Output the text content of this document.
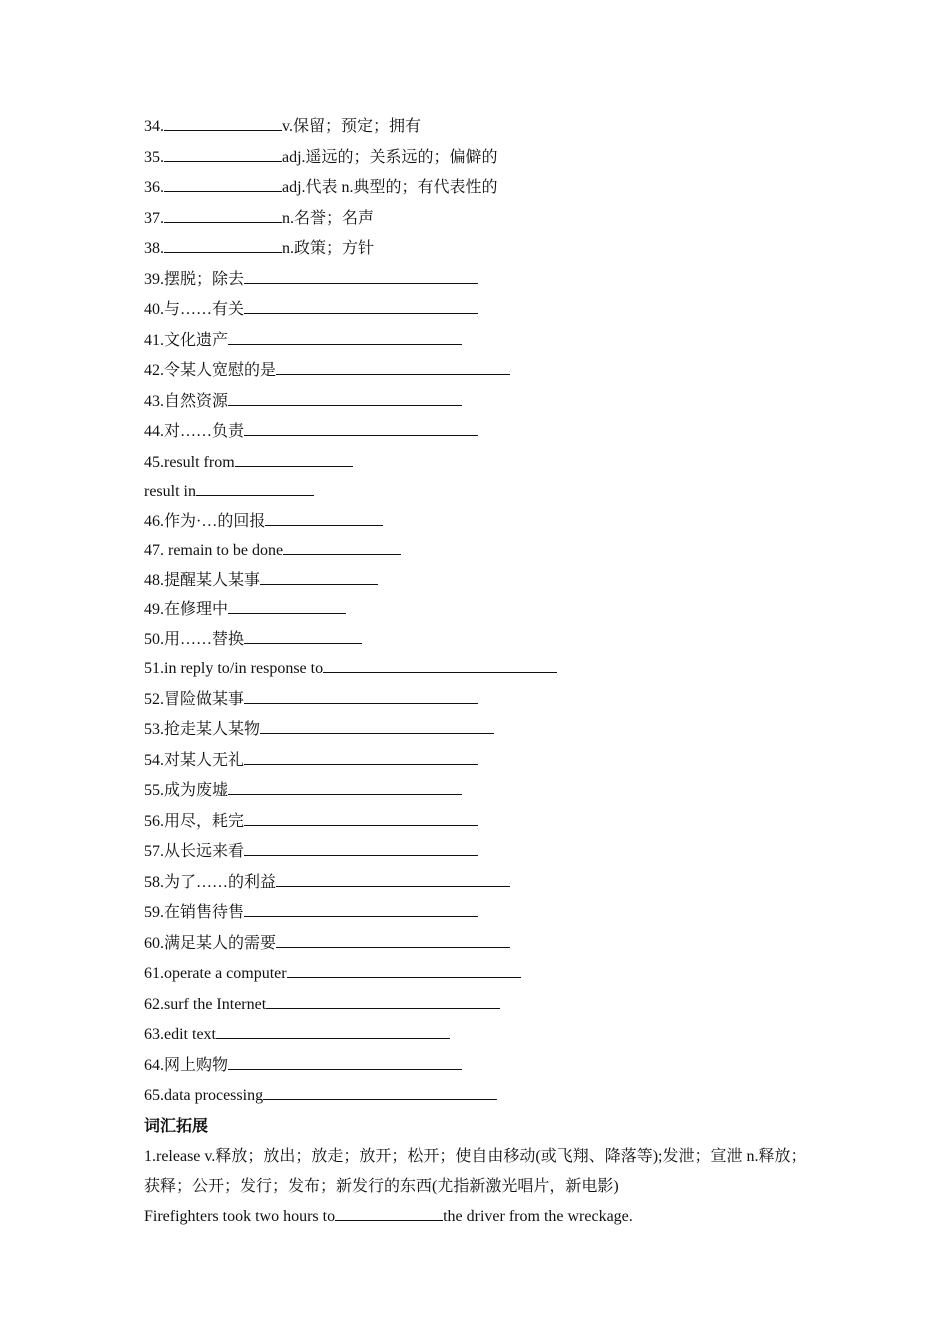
34.	v.保留；预定；拥有
35.	adj.遥远的；关系远的；偏僻的
36.	adj.代表 n.典型的；有代表性的
37.	n.名誉；名声
38.	n.政策；方针
39.摆脱；除去
40.与……有关
41.文化遗产
42.令某人宽慰的是
43.自然资源
44.对……负责
45.result from
result in
46.作为·…的回报
47. remain to be done
48.提醒某人某事
49.在修理中
50.用……替换
51.in reply to/in response to
52.冒险做某事
53.抢走某人某物
54.对某人无礼
55.成为废墟
56.用尽，耗完
57.从长远来看
58.为了……的利益
59.在销售待售
60.满足某人的需要
61.operate a computer
62.surf the Internet
63.edit text
64.网上购物
65.data processing
词汇拓展
1.release v.释放；放出；放走；放开；松开；使自由移动(或飞翔、降落等);发泄；宣泄 n.释放；获释；公开；发行；发布；新发行的东西(尤指新激光唱片，新电影)
Firefighters took two hours to	the driver from the wreckage.
